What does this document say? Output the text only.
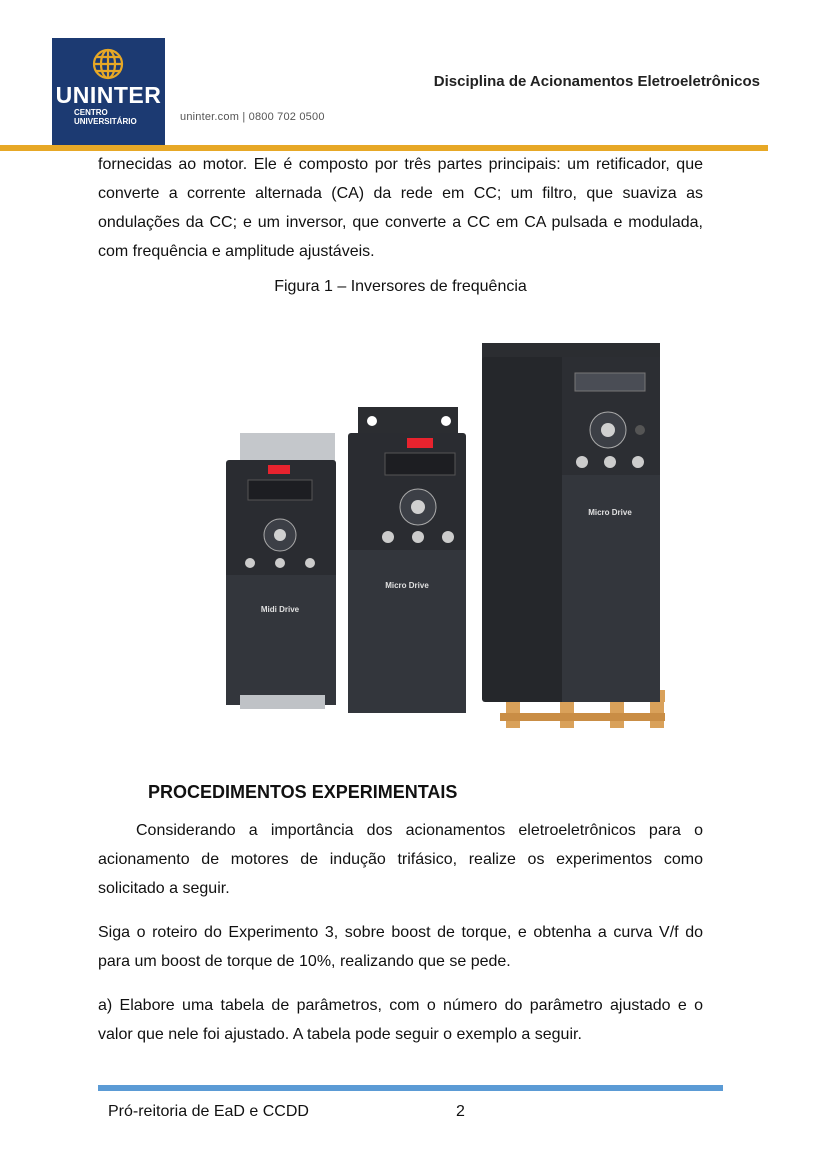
UNINTER
CENTRO
UNIVERSITÁRIO	uninter.com | 0800 702 0500
Disciplina de Acionamentos Eletroeletrônicos

fornecidas ao motor. Ele é composto por três partes principais: um retificador, que converte a corrente alternada (CA) da rede em CC; um filtro, que suaviza as ondulações da CC; e um inversor, que converte a CC em CA pulsada e modulada, com frequência e amplitude ajustáveis.

Figura 1 – Inversores de frequência
Midi Drive
Micro Drive
Micro Drive
PROCEDIMENTOS EXPERIMENTAIS

Considerando a importância dos acionamentos eletroeletrônicos para o acionamento de motores de indução trifásico, realize os experimentos como solicitado a seguir.

Siga o roteiro do Experimento 3, sobre boost de torque, e obtenha a curva V/f do para um boost de torque de 10%, realizando que se pede.

a) Elabore uma tabela de parâmetros, com o número do parâmetro ajustado e o valor que nele foi ajustado. A tabela pode seguir o exemplo a seguir.

Pró-reitoria de EaD e CCDD	2
